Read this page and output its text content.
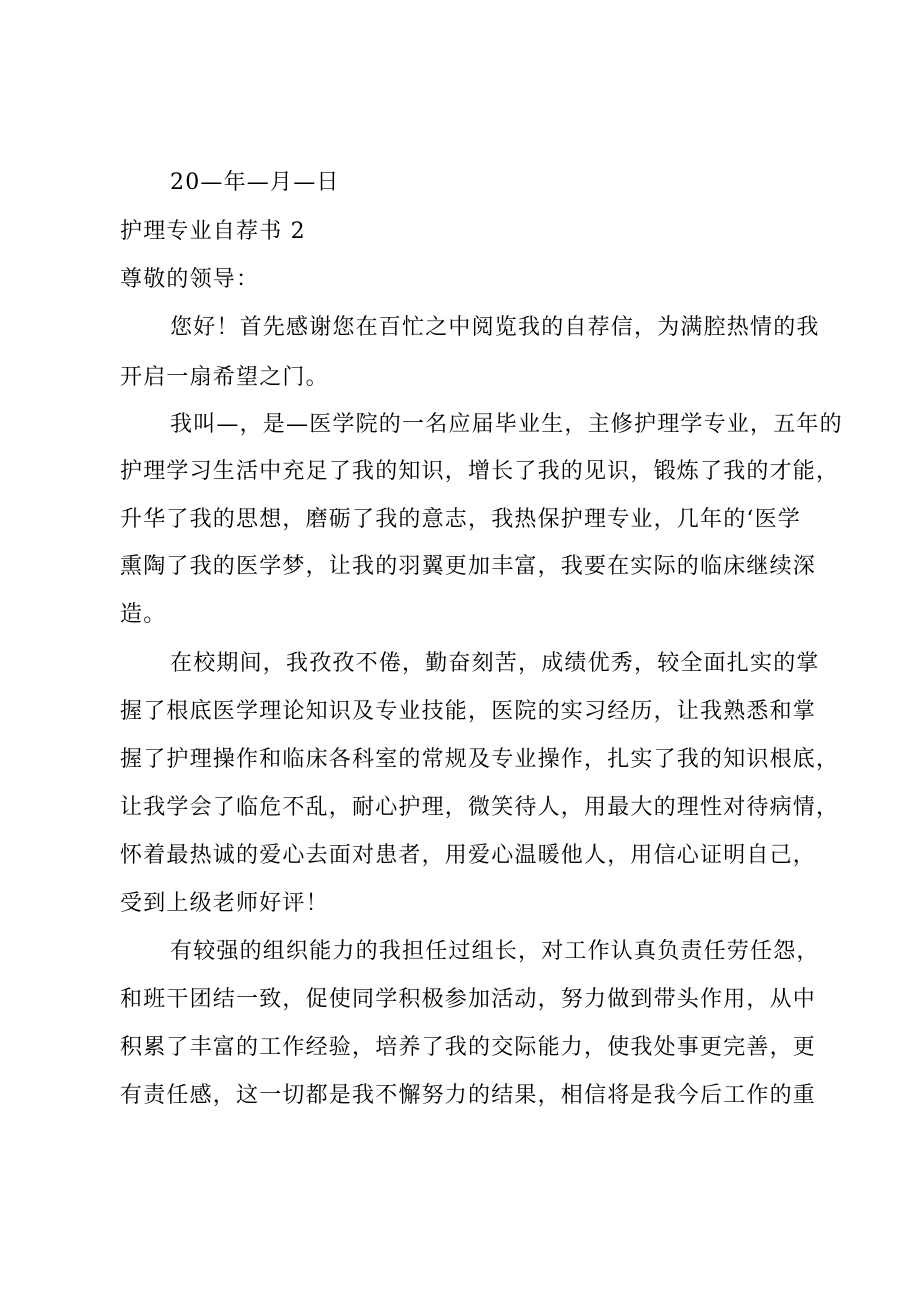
20—年—月—日
护理专业自荐书 2
尊敬的领导：
您好！首先感谢您在百忙之中阅览我的自荐信，为满腔热情的我
开启一扇希望之门。
我叫—，是—医学院的一名应届毕业生，主修护理学专业，五年的
护理学习生活中充足了我的知识，增长了我的见识，锻炼了我的才能，
升华了我的思想，磨砺了我的意志，我热保护理专业，几年的‘医学
熏陶了我的医学梦，让我的羽翼更加丰富，我要在实际的临床继续深
造。
在校期间，我孜孜不倦，勤奋刻苦，成绩优秀，较全面扎实的掌
握了根底医学理论知识及专业技能，医院的实习经历，让我熟悉和掌
握了护理操作和临床各科室的常规及专业操作，扎实了我的知识根底，
让我学会了临危不乱，耐心护理，微笑待人，用最大的理性对待病情，
怀着最热诚的爱心去面对患者，用爱心温暖他人，用信心证明自己，
受到上级老师好评！
有较强的组织能力的我担任过组长，对工作认真负责任劳任怨，
和班干团结一致，促使同学积极参加活动，努力做到带头作用，从中
积累了丰富的工作经验，培养了我的交际能力，使我处事更完善，更
有责任感，这一切都是我不懈努力的结果，相信将是我今后工作的重
